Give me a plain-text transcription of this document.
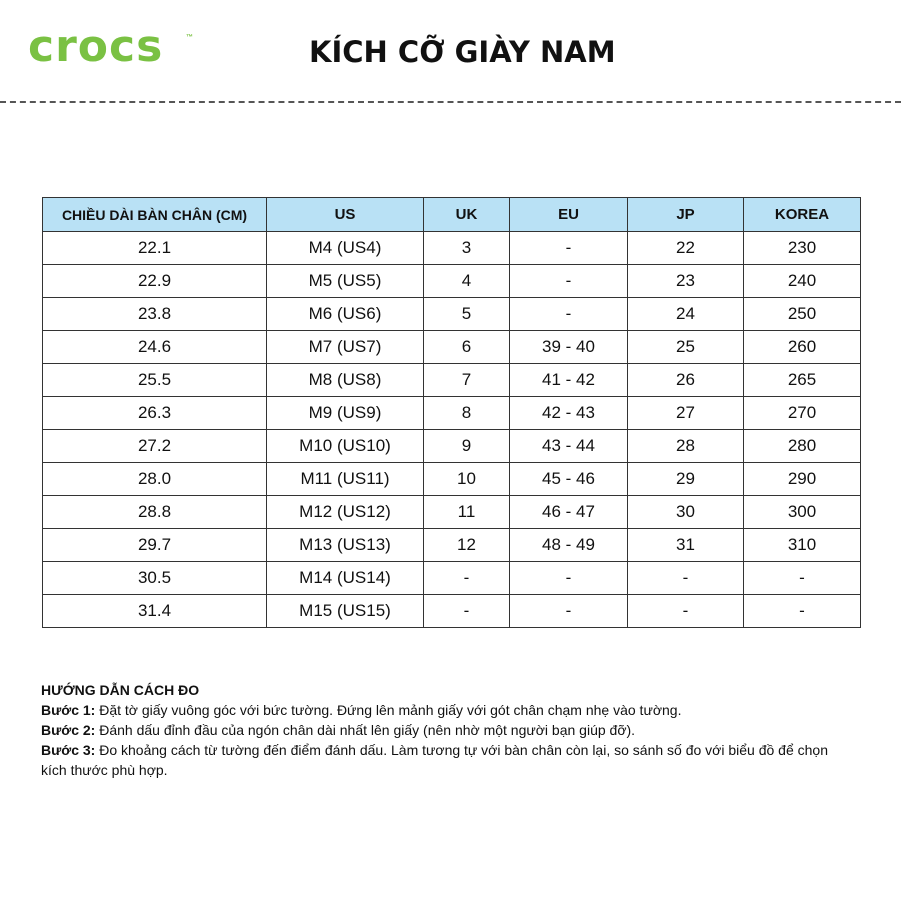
crocs	™	KÍCH CỠ GIÀY NAM
CHIỀU DÀI BÀN CHÂN (CM)	US	UK	EU	JP	KOREA
22.1	M4 (US4)	3	-	22	230
22.9	M5 (US5)	4	-	23	240
23.8	M6 (US6)	5	-	24	250
24.6	M7 (US7)	6	39 - 40	25	260
25.5	M8 (US8)	7	41 - 42	26	265
26.3	M9 (US9)	8	42 - 43	27	270
27.2	M10 (US10)	9	43 - 44	28	280
28.0	M11 (US11)	10	45 - 46	29	290
28.8	M12 (US12)	11	46 - 47	30	300
29.7	M13 (US13)	12	48 - 49	31	310
30.5	M14 (US14)	-	-	-	-
31.4	M15 (US15)	-	-	-	-
HƯỚNG DẪN CÁCH ĐO
Bước 1: Đặt tờ giấy vuông góc với bức tường. Đứng lên mảnh giấy với gót chân chạm nhẹ vào tường.
Bước 2: Đánh dấu đỉnh đầu của ngón chân dài nhất lên giấy (nên nhờ một người bạn giúp đỡ).
Bước 3: Đo khoảng cách từ tường đến điểm đánh dấu. Làm tương tự với bàn chân còn lại, so sánh số đo với biểu đồ để chọn kích thước phù hợp.
